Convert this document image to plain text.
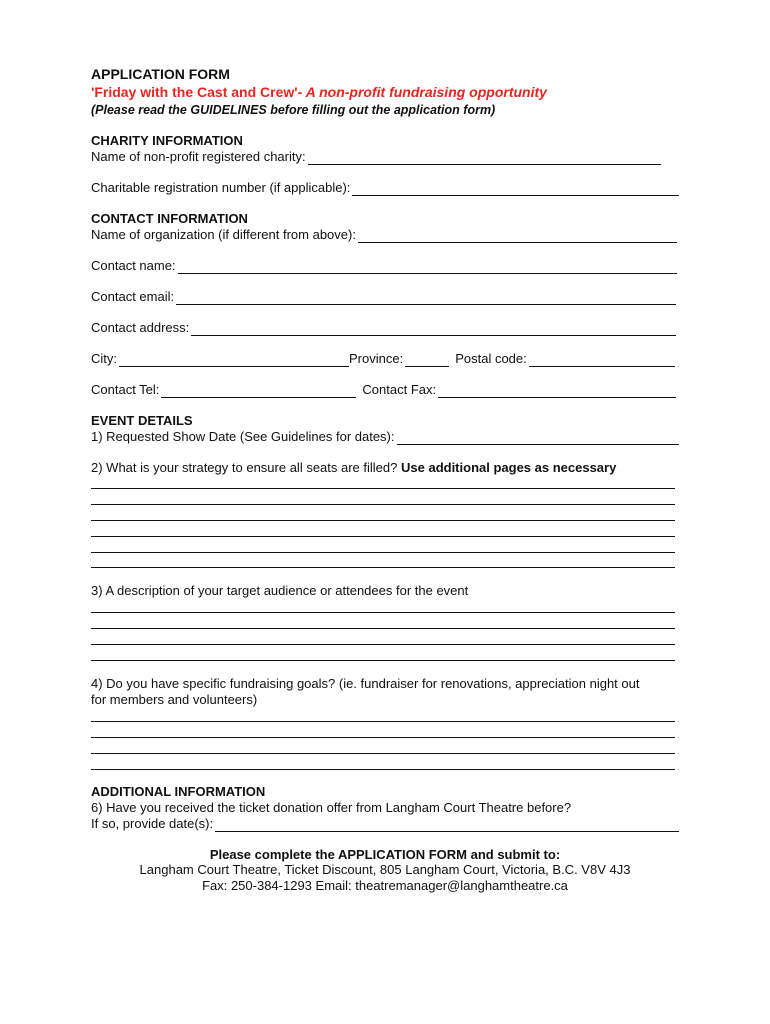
APPLICATION FORM
'Friday with the Cast and Crew'- A non-profit fundraising opportunity
(Please read the GUIDELINES before filling out the application form)
CHARITY INFORMATION
Name of non-profit registered charity:
Charitable registration number (if applicable):
CONTACT INFORMATION
Name of organization (if different from above):
Contact name:
Contact email:
Contact address:
City:	Province:	Postal code:
Contact Tel:	Contact Fax:
EVENT DETAILS
1) Requested Show Date (See Guidelines for dates):
2) What is your strategy to ensure all seats are filled? Use additional pages as necessary
3) A description of your target audience or attendees for the event
4) Do you have specific fundraising goals? (ie. fundraiser for renovations, appreciation night out
for members and volunteers)
ADDITIONAL INFORMATION
6) Have you received the ticket donation offer from Langham Court Theatre before?
If so, provide date(s):
Please complete the APPLICATION FORM and submit to:
Langham Court Theatre, Ticket Discount, 805 Langham Court, Victoria, B.C. V8V 4J3
Fax: 250-384-1293 Email: theatremanager@langhamtheatre.ca
